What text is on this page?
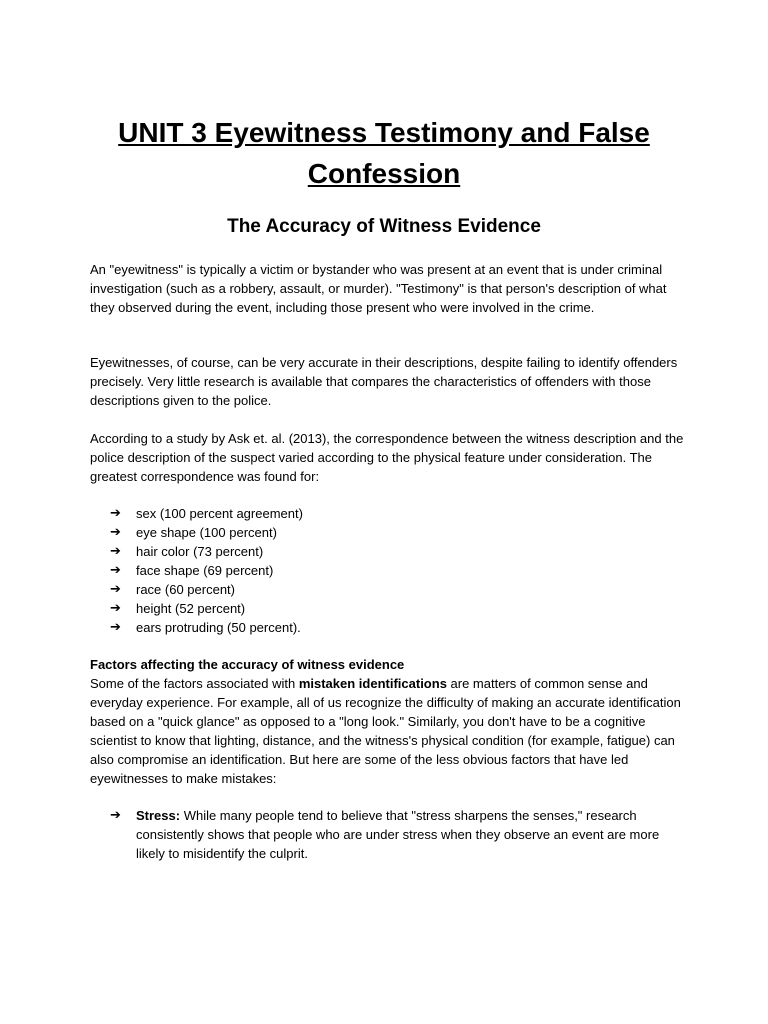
UNIT 3 Eyewitness Testimony and False Confession
The Accuracy of Witness Evidence

An "eyewitness" is typically a victim or bystander who was present at an event that is under criminal investigation (such as a robbery, assault, or murder). "Testimony" is that person's description of what they observed during the event, including those present who were involved in the crime.

Eyewitnesses, of course, can be very accurate in their descriptions, despite failing to identify offenders precisely. Very little research is available that compares the characteristics of offenders with those descriptions given to the police.

According to a study by Ask et. al. (2013), the correspondence between the witness description and the police description of the suspect varied according to the physical feature under consideration. The greatest correspondence was found for:

➔ sex (100 percent agreement)
➔ eye shape (100 percent)
➔ hair color (73 percent)
➔ face shape (69 percent)
➔ race (60 percent)
➔ height (52 percent)
➔ ears protruding (50 percent).
Factors affecting the accuracy of witness evidence

Some of the factors associated with mistaken identifications are matters of common sense and everyday experience. For example, all of us recognize the difficulty of making an accurate identification based on a "quick glance" as opposed to a "long look." Similarly, you don't have to be a cognitive scientist to know that lighting, distance, and the witness's physical condition (for example, fatigue) can also compromise an identification. But here are some of the less obvious factors that have led eyewitnesses to make mistakes:

➔ Stress: While many people tend to believe that "stress sharpens the senses," research consistently shows that people who are under stress when they observe an event are more likely to misidentify the culprit.
